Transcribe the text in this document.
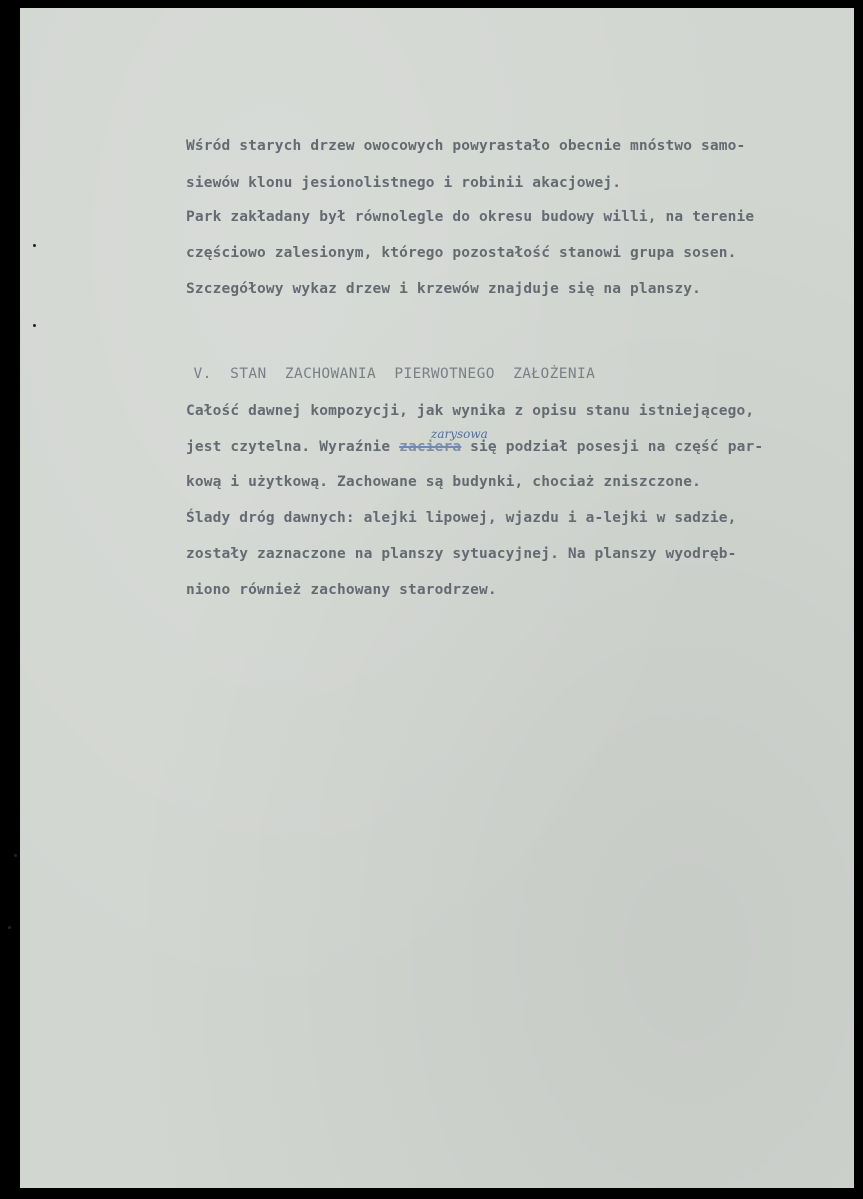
Wśród starych drzew owocowych powyrastało obecnie mnóstwo samo-
siewów klonu jesionolistnego i robinii akacjowej.
Park zakładany był równolegle do okresu budowy willi, na terenie
częściowo zalesionym, którego pozostałość stanowi grupa sosen.
Szczegółowy wykaz drzew i krzewów znajduje się na planszy.

V. STAN  ZACHOWANIA  PIERWOTNEGO  ZAŁOŻENIA

Całość dawnej kompozycji, jak wynika z opisu stanu istniejącego,
zarysowa
jest czytelna. Wyraźnie zaciera się podział posesji na część par-
kową i użytkową. Zachowane są budynki, chociaż zniszczone.
Ślady dróg dawnych: alejki lipowej, wjazdu i a-lejki w sadzie,
zostały zaznaczone na planszy sytuacyjnej. Na planszy wyodręb-
niono również zachowany starodrzew.
